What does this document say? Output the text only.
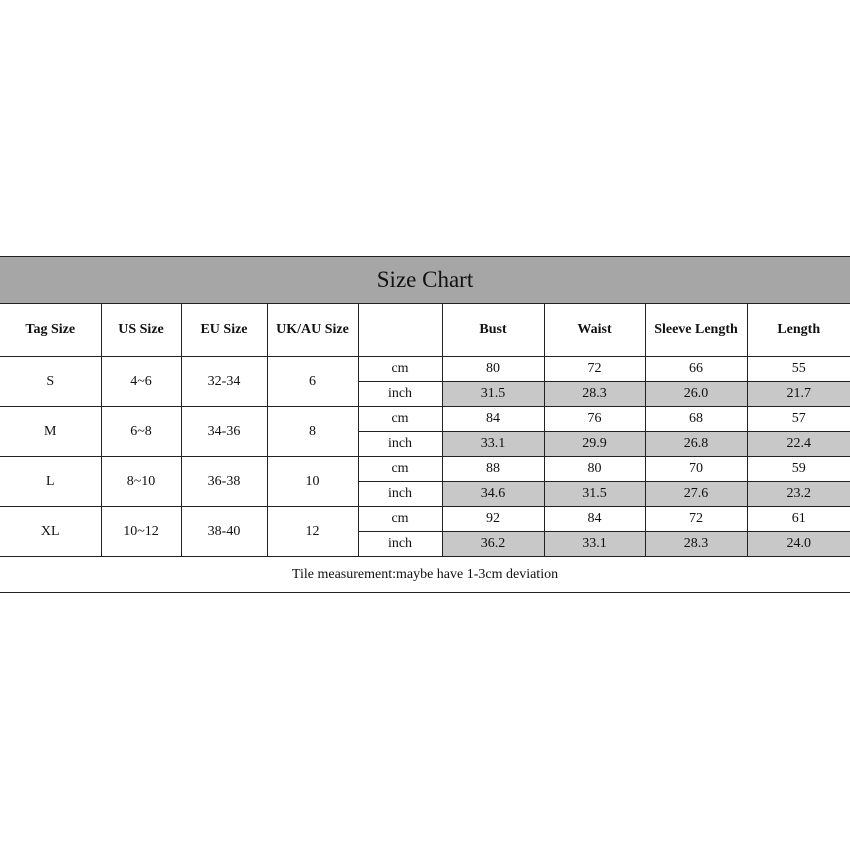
Size Chart
Tag Size	US Size	EU Size	UK/AU Size		Bust	Waist	Sleeve Length	Length
S	4~6	32-34	6	cm	80	72	66	55
				inch	31.5	28.3	26.0	21.7
M	6~8	34-36	8	cm	84	76	68	57
				inch	33.1	29.9	26.8	22.4
L	8~10	36-38	10	cm	88	80	70	59
				inch	34.6	31.5	27.6	23.2
XL	10~12	38-40	12	cm	92	84	72	61
				inch	36.2	33.1	28.3	24.0
Tile measurement:maybe have 1-3cm deviation								
